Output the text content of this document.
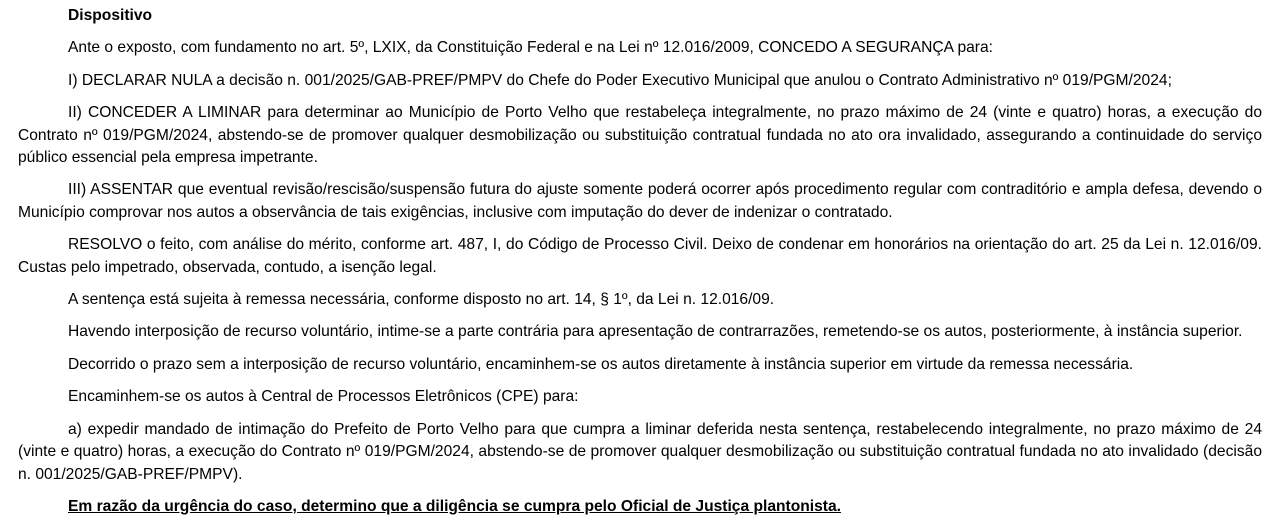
Dispositivo

Ante o exposto, com fundamento no art. 5º, LXIX, da Constituição Federal e na Lei nº 12.016/2009, CONCEDO A SEGURANÇA para:

I) DECLARAR NULA a decisão n. 001/2025/GAB-PREF/PMPV do Chefe do Poder Executivo Municipal que anulou o Contrato Administrativo nº 019/PGM/2024;

II) CONCEDER A LIMINAR para determinar ao Município de Porto Velho que restabeleça integralmente, no prazo máximo de 24 (vinte e quatro) horas, a execução do Contrato nº 019/PGM/2024, abstendo-se de promover qualquer desmobilização ou substituição contratual fundada no ato ora invalidado, assegurando a continuidade do serviço público essencial pela empresa impetrante.

III) ASSENTAR que eventual revisão/rescisão/suspensão futura do ajuste somente poderá ocorrer após procedimento regular com contraditório e ampla defesa, devendo o Município comprovar nos autos a observância de tais exigências, inclusive com imputação do dever de indenizar o contratado.

RESOLVO o feito, com análise do mérito, conforme art. 487, I, do Código de Processo Civil. Deixo de condenar em honorários na orientação do art. 25 da Lei n. 12.016/09. Custas pelo impetrado, observada, contudo, a isenção legal.

A sentença está sujeita à remessa necessária, conforme disposto no art. 14, § 1º, da Lei n. 12.016/09.

Havendo interposição de recurso voluntário, intime-se a parte contrária para apresentação de contrarrazões, remetendo-se os autos, posteriormente, à instância superior.

Decorrido o prazo sem a interposição de recurso voluntário, encaminhem-se os autos diretamente à instância superior em virtude da remessa necessária.

Encaminhem-se os autos à Central de Processos Eletrônicos (CPE) para:

a) expedir mandado de intimação do Prefeito de Porto Velho para que cumpra a liminar deferida nesta sentença, restabelecendo integralmente, no prazo máximo de 24 (vinte e quatro) horas, a execução do Contrato nº 019/PGM/2024, abstendo-se de promover qualquer desmobilização ou substituição contratual fundada no ato invalidado (decisão n. 001/2025/GAB-PREF/PMPV).

Em razão da urgência do caso, determino que a diligência se cumpra pelo Oficial de Justiça plantonista.
